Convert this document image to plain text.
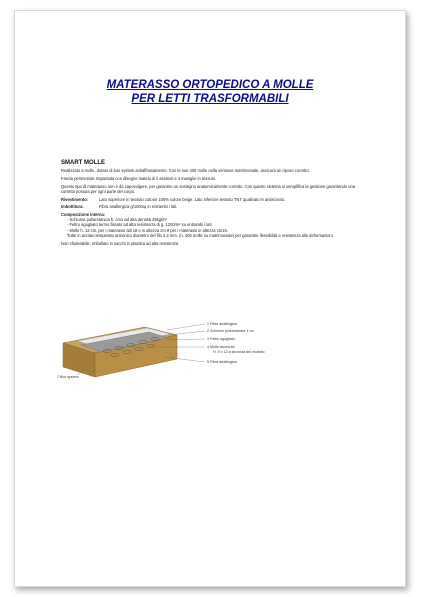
MATERASSO ORTOPEDICO A MOLLE
PER LETTI TRASFORMABILI
SMART MOLLE

Realizzato a molle, dotato di box system antiaffossamento. Con le sue 400 molle nella versione matrimoniale, assicura un riposo corretto.

Fascia perimetrale trapuntata con disegno matelo di il aeratori e 4 maniglie in tessuto.

Questo tipo di materasso non è da capovolgere, per garantire un sostegno anatomicamente corretto. Con questo sistema si semplifica la gestione garantendo una corretta postura per ogni parte del corpo.

Rivestimento:	Lato superiore in tessuto cotone 100% colore beige. Lato inferiore tessuto TNT qualinato in antiscivolo.
Imbottitura:	Fibra anallergica g/100mq in entrambi i lati.
Composizione interna:
- Schiuma poliuretanica h. cm1 ad alta densità 25kg/m³
- Feltro agugliato termo fissato ad alta resistenza di g. 1200/m² su entrambi i lati
- Molle h. 12 cm. per i materassi alti 18 e in altezza cm 9 per i materassi in altezza cm16.
Tutte in acciaio temperato armonico diametro del filo 2,2 mm. (n. 400 molle su matrimoniale) per garantire flessibilità e resistenza alle deformazioni.

Non sfoderabile, Imballato in sacchi in plastica ad alta resistenza.

1 Fibra anallergica
2 Schiume poliuretanica 1 cm
3 Feltro agugliato
4 Molle biconiche
H. 9 o 12 a seconda del modello
5 Fibra anallergica
7 Box system
